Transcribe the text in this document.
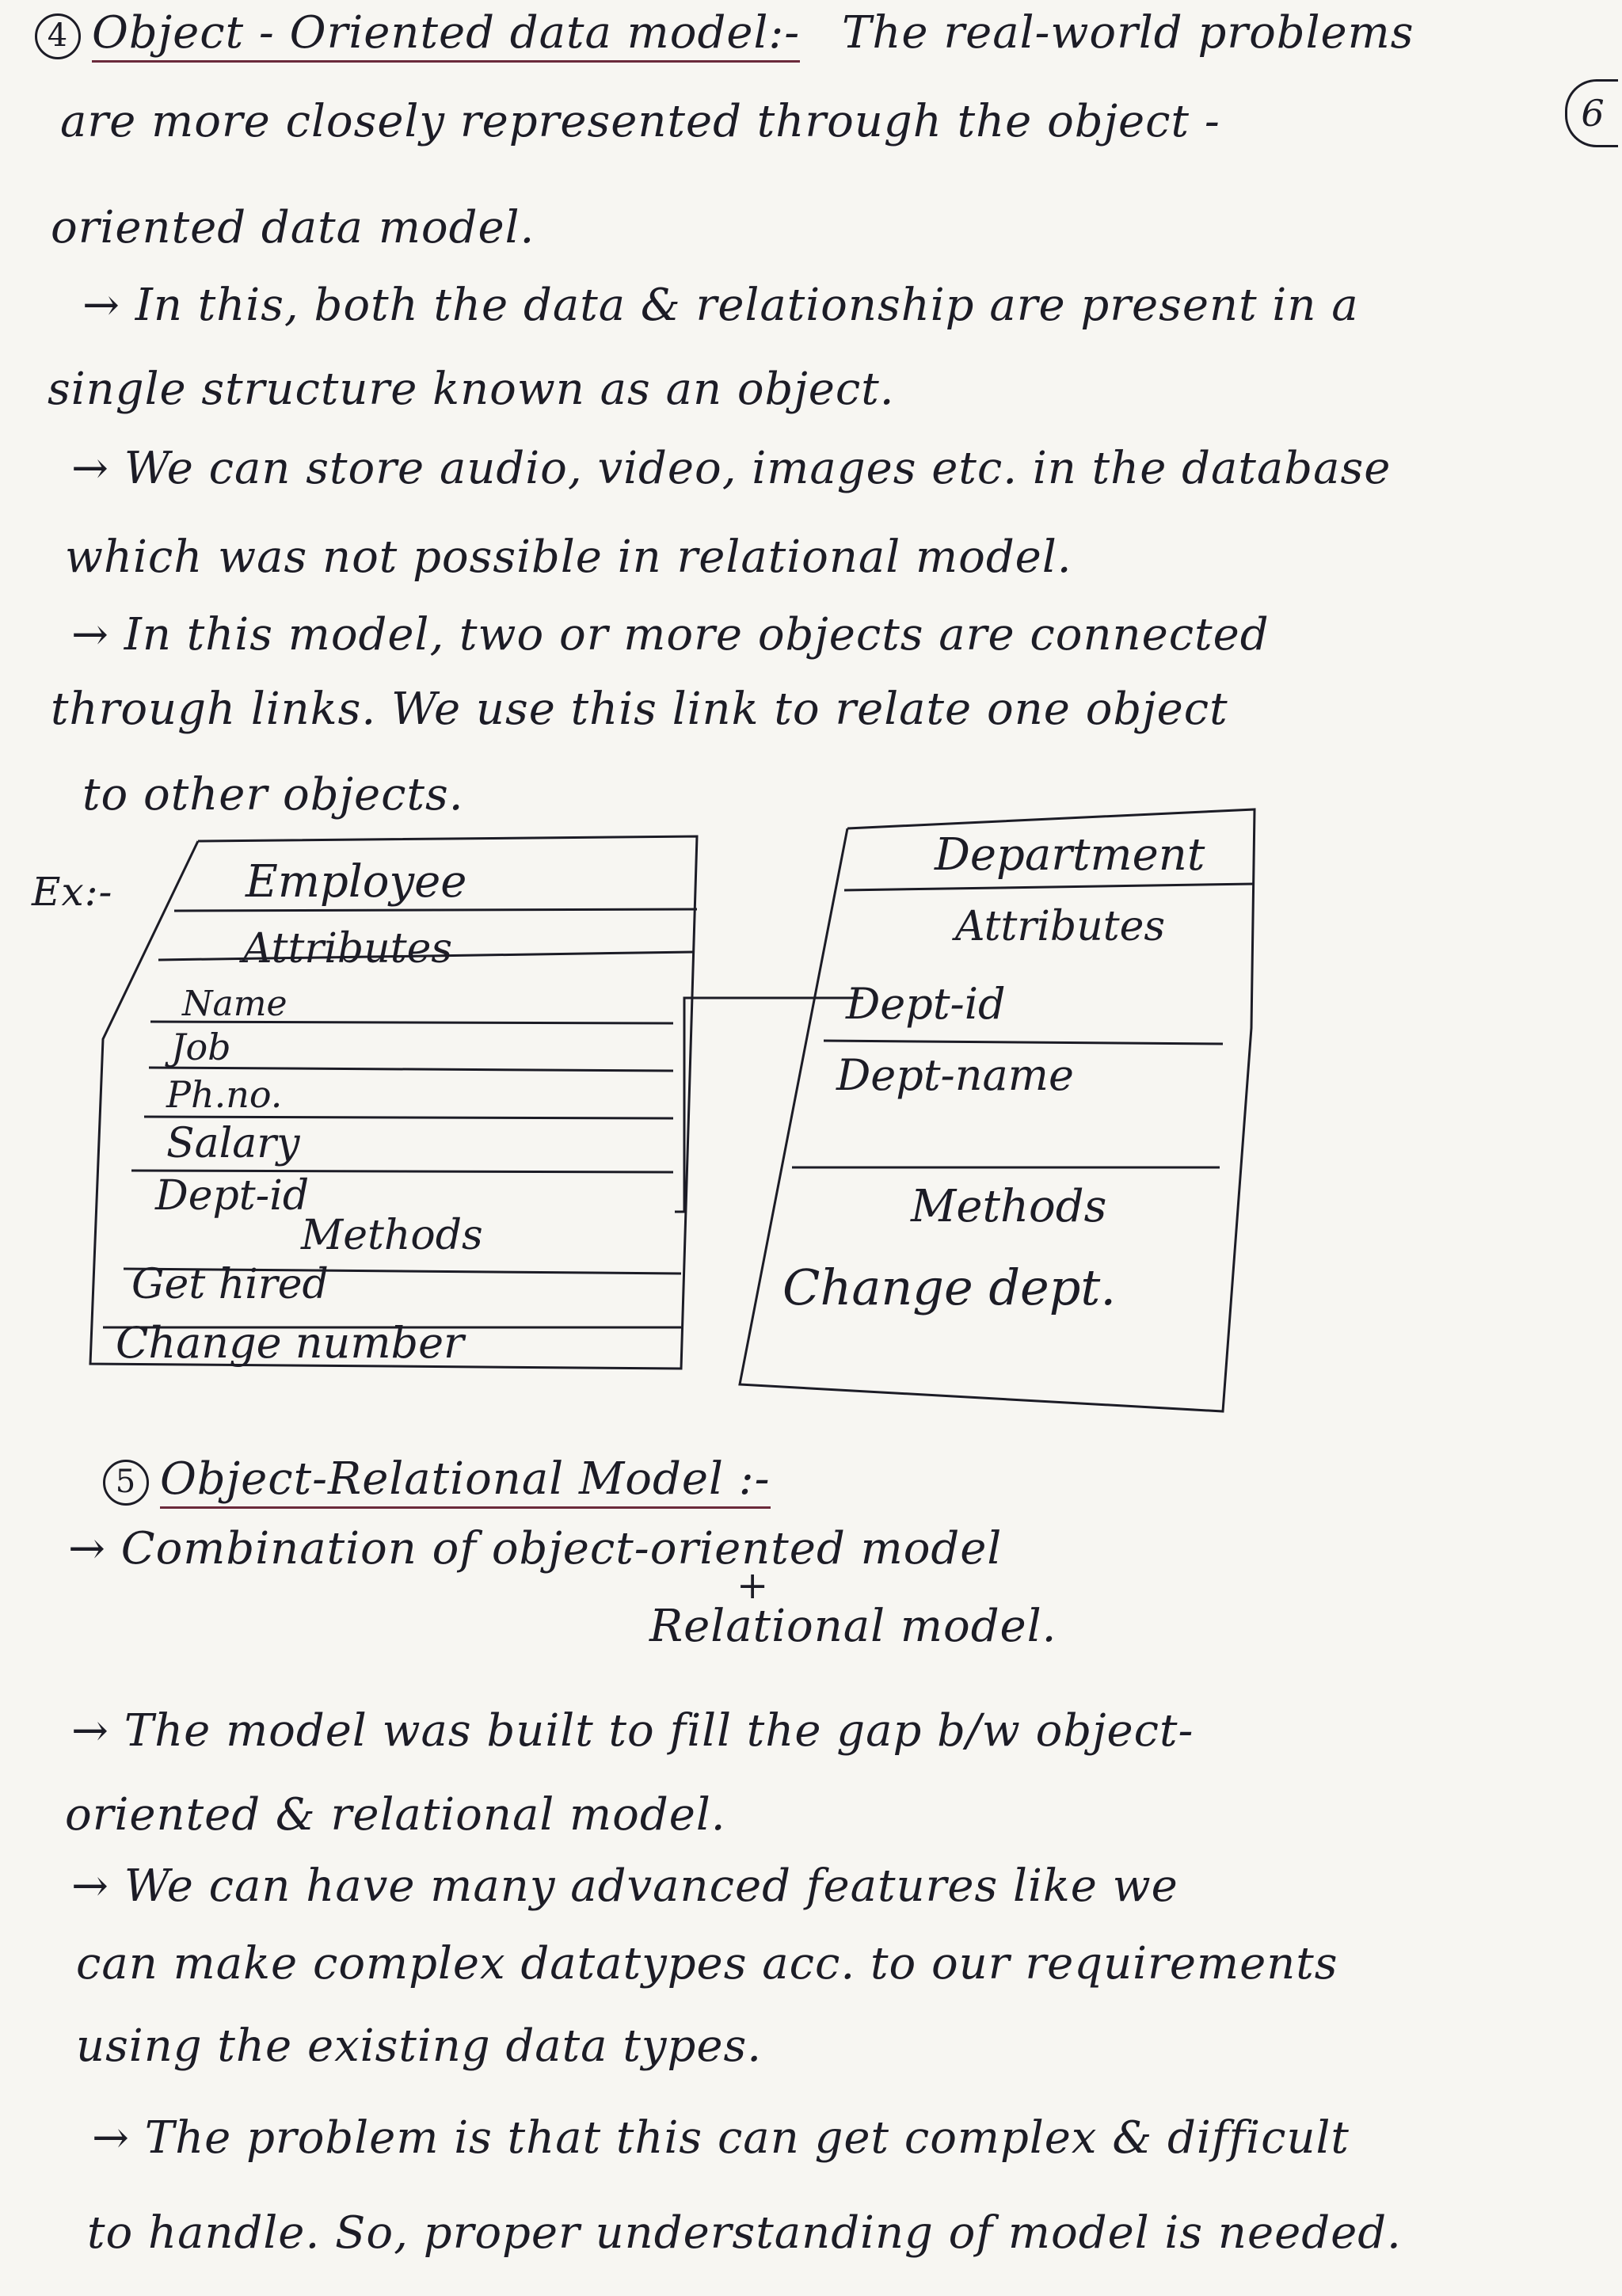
6
4 Object - Oriented data model:- The real-world problems
are more closely represented through the object -
oriented data model.
→ In this, both the data & relationship are present in a
single structure known as an object.
→ We can store audio, video, images etc. in the database
which was not possible in relational model.
→ In this model, two or more objects are connected
through links. We use this link to relate one object
to other objects.
Ex:-	Employee
Attributes
Name
Job
Ph.no.
Salary
Dept-id
Methods
Get hired
Change number
Department
Attributes
Dept-id
Dept-name
Methods
Change dept.
5 Object-Relational Model :-
→ Combination of object-oriented model
+
Relational model.
→ The model was built to fill the gap b/w object-
oriented & relational model.
→ We can have many advanced features like we
can make complex datatypes acc. to our requirements
using the existing data types.
→ The problem is that this can get complex & difficult
to handle. So, proper understanding of model is needed.
